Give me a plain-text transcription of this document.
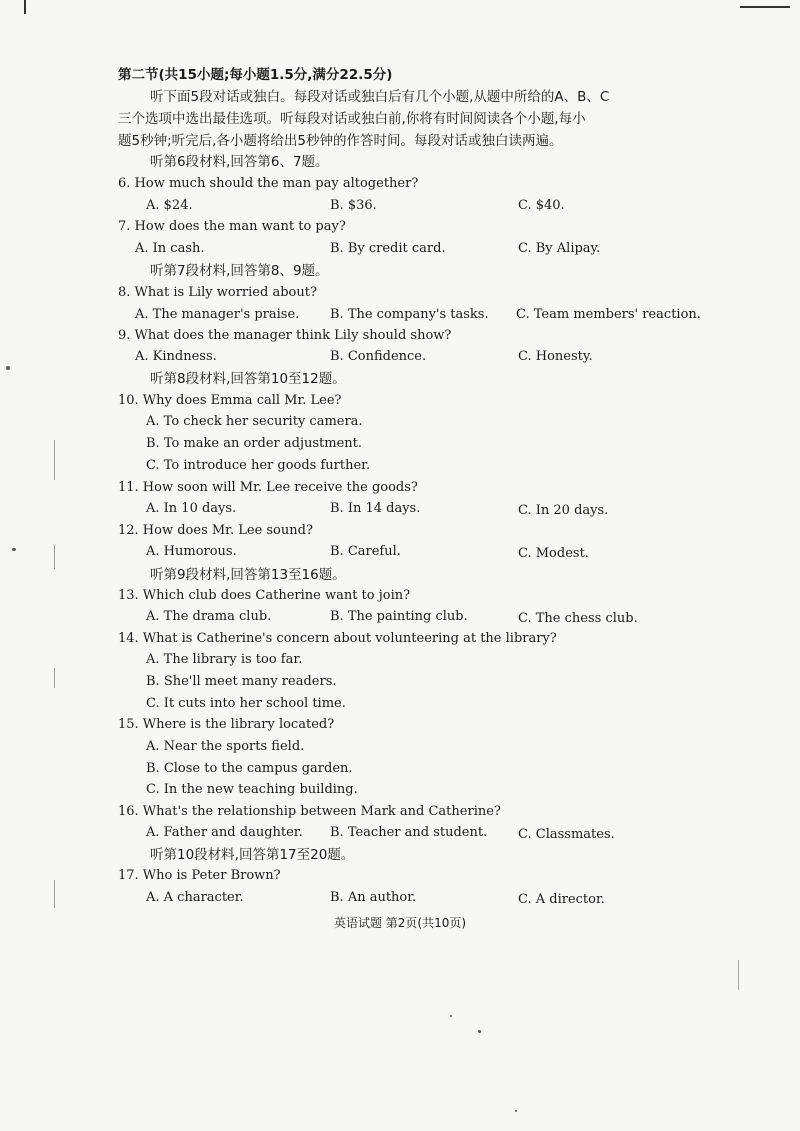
第二节(共15小题;每小题1.5分,满分22.5分)
听下面5段对话或独白。每段对话或独白后有几个小题,从题中所给的A、B、C
三个选项中选出最佳选项。听每段对话或独白前,你将有时间阅读各个小题,每小
题5秒钟;听完后,各小题将给出5秒钟的作答时间。每段对话或独白读两遍。
听第6段材料,回答第6、7题。
6. How much should the man pay altogether?
A. $24.	B. $36.	C. $40.
7. How does the man want to pay?
A. In cash.	B. By credit card.	C. By Alipay.
听第7段材料,回答第8、9题。
8. What is Lily worried about?
A. The manager's praise. B. The company's tasks. C. Team members' reaction.
9. What does the manager think Lily should show?
A. Kindness.	B. Confidence.	C. Honesty.
听第8段材料,回答第10至12题。
10. Why does Emma call Mr. Lee?
A. To check her security camera.
B. To make an order adjustment.
C. To introduce her goods further.
11. How soon will Mr. Lee receive the goods?
A. In 10 days.	B. In 14 days.	C. In 20 days.
12. How does Mr. Lee sound?
A. Humorous.	B. Careful.	C. Modest.
听第9段材料,回答第13至16题。
13. Which club does Catherine want to join?
A. The drama club.	B. The painting club.	C. The chess club.
14. What is Catherine's concern about volunteering at the library?
A. The library is too far.
B. She'll meet many readers.
C. It cuts into her school time.
15. Where is the library located?
A. Near the sports field.
B. Close to the campus garden.
C. In the new teaching building.
16. What's the relationship between Mark and Catherine?
A. Father and daughter. B. Teacher and student. C. Classmates.
听第10段材料,回答第17至20题。
17. Who is Peter Brown?
A. A character.	B. An author.	C. A director.
英语试题 第2页(共10页)
